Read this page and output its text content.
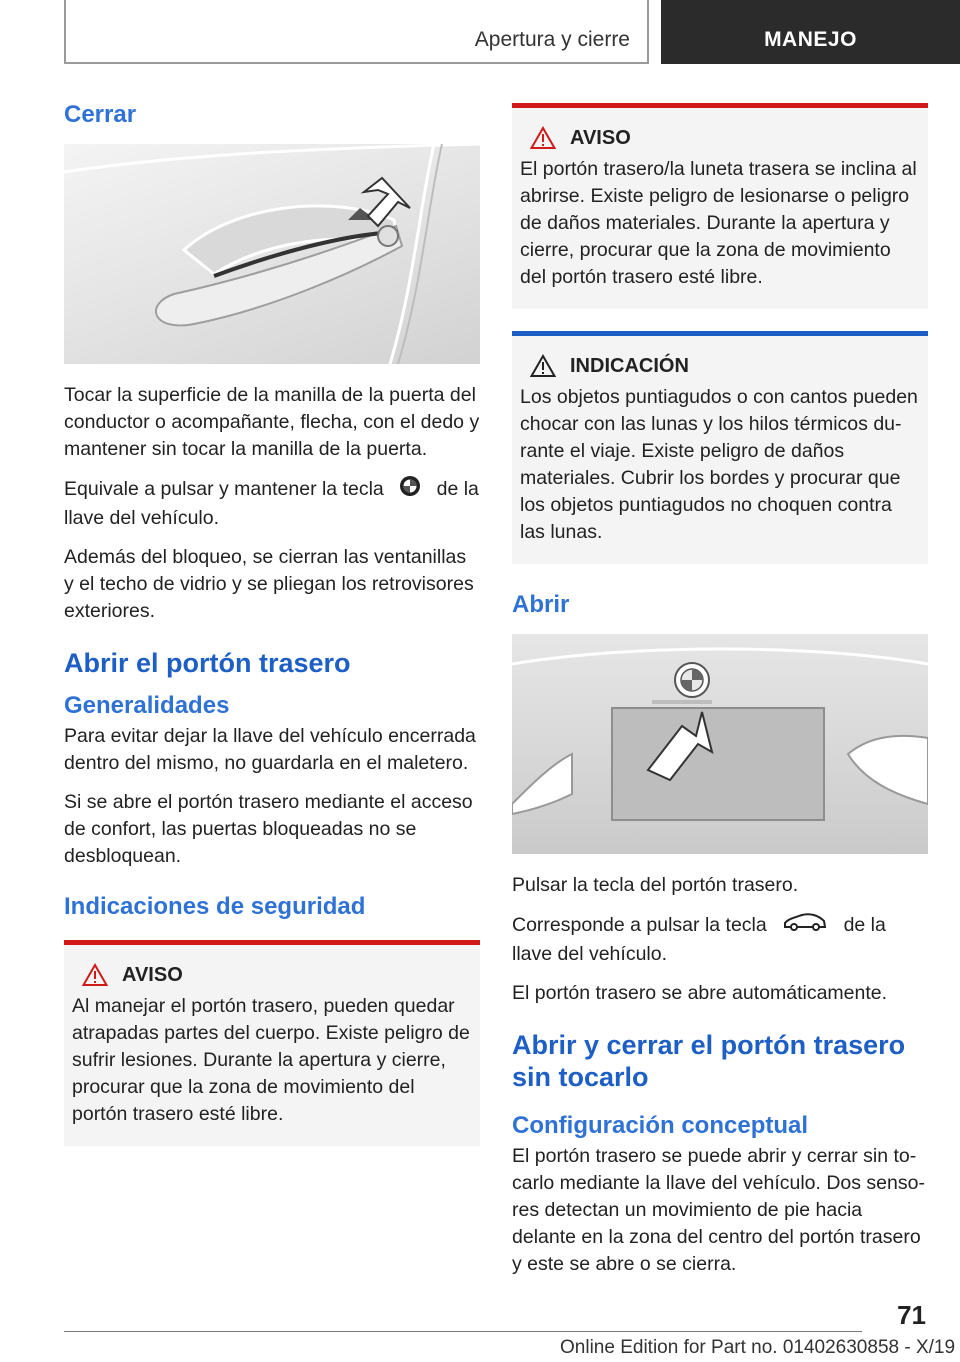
Apertura y cierre	MANEJO
Cerrar

Tocar la superficie de la manilla de la puerta del conductor o acompañante, flecha, con el dedo y mantener sin tocar la manilla de la puerta.

Equivale a pulsar y mantener la tecla	de la llave del vehículo.

Además del bloqueo, se cierran las ventanillas y el techo de vidrio y se pliegan los retrovisores exteriores.

Abrir el portón trasero
Generalidades

Para evitar dejar la llave del vehículo encerrada dentro del mismo, no guardarla en el maletero.

Si se abre el portón trasero mediante el acceso de confort, las puertas bloqueadas no se desbloquean.

Indicaciones de seguridad
AVISO

Al manejar el portón trasero, pueden quedar atrapadas partes del cuerpo. Existe peligro de sufrir lesiones. Durante la apertura y cierre, procurar que la zona de movimiento del portón trasero esté libre.

AVISO

El portón trasero/la luneta trasera se inclina al abrirse. Existe peligro de lesionarse o peligro de daños materiales. Durante la apertura y cierre, procurar que la zona de movimiento del portón trasero esté libre.

INDICACIÓN

Los objetos puntiagudos o con cantos pueden chocar con las lunas y los hilos térmicos durante el viaje. Existe peligro de daños materiales. Cubrir los bordes y procurar que los objetos puntiagudos no choquen contra las lunas.

Abrir

Pulsar la tecla del portón trasero.

Corresponde a pulsar la tecla	de la llave del vehículo.

El portón trasero se abre automáticamente.

Abrir y cerrar el portón trasero sin tocarlo
Configuración conceptual

El portón trasero se puede abrir y cerrar sin tocarlo mediante la llave del vehículo. Dos sensores detectan un movimiento de pie hacia delante en la zona del centro del portón trasero y este se abre o se cierra.

71
Online Edition for Part no. 01402630858 - X/19
